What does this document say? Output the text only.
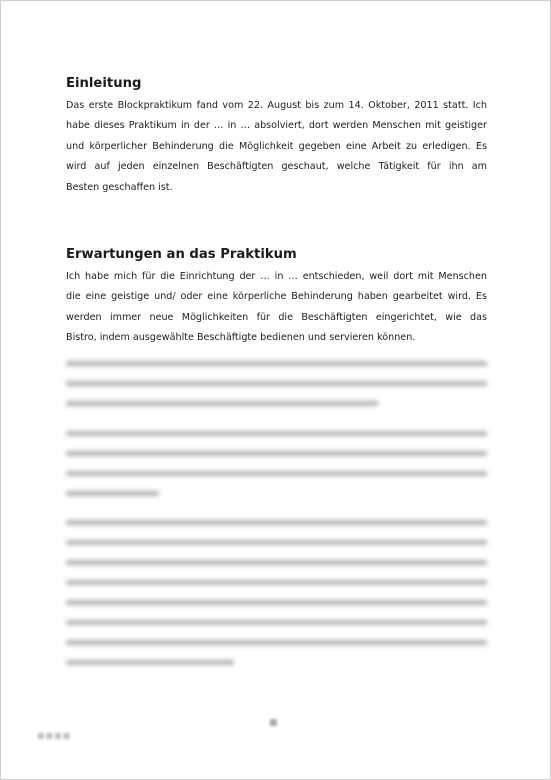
Einleitung
Das erste Blockpraktikum fand vom 22. August bis zum 14. Oktober, 2011 statt. Ich
habe dieses Praktikum in der … in … absolviert, dort werden Menschen mit geistiger
und körperlicher Behinderung die Möglichkeit gegeben eine Arbeit zu erledigen. Es
wird auf jeden einzelnen Beschäftigten geschaut, welche Tätigkeit für ihn am
Besten geschaffen ist.
Erwartungen an das Praktikum
Ich habe mich für die Einrichtung der … in … entschieden, weil dort mit Menschen
die eine geistige und/ oder eine körperliche Behinderung haben gearbeitet wird. Es
werden immer neue Möglichkeiten für die Beschäftigten eingerichtet, wie das
Bistro, indem ausgewählte Beschäftigte bedienen und servieren können.
■
■■■■
